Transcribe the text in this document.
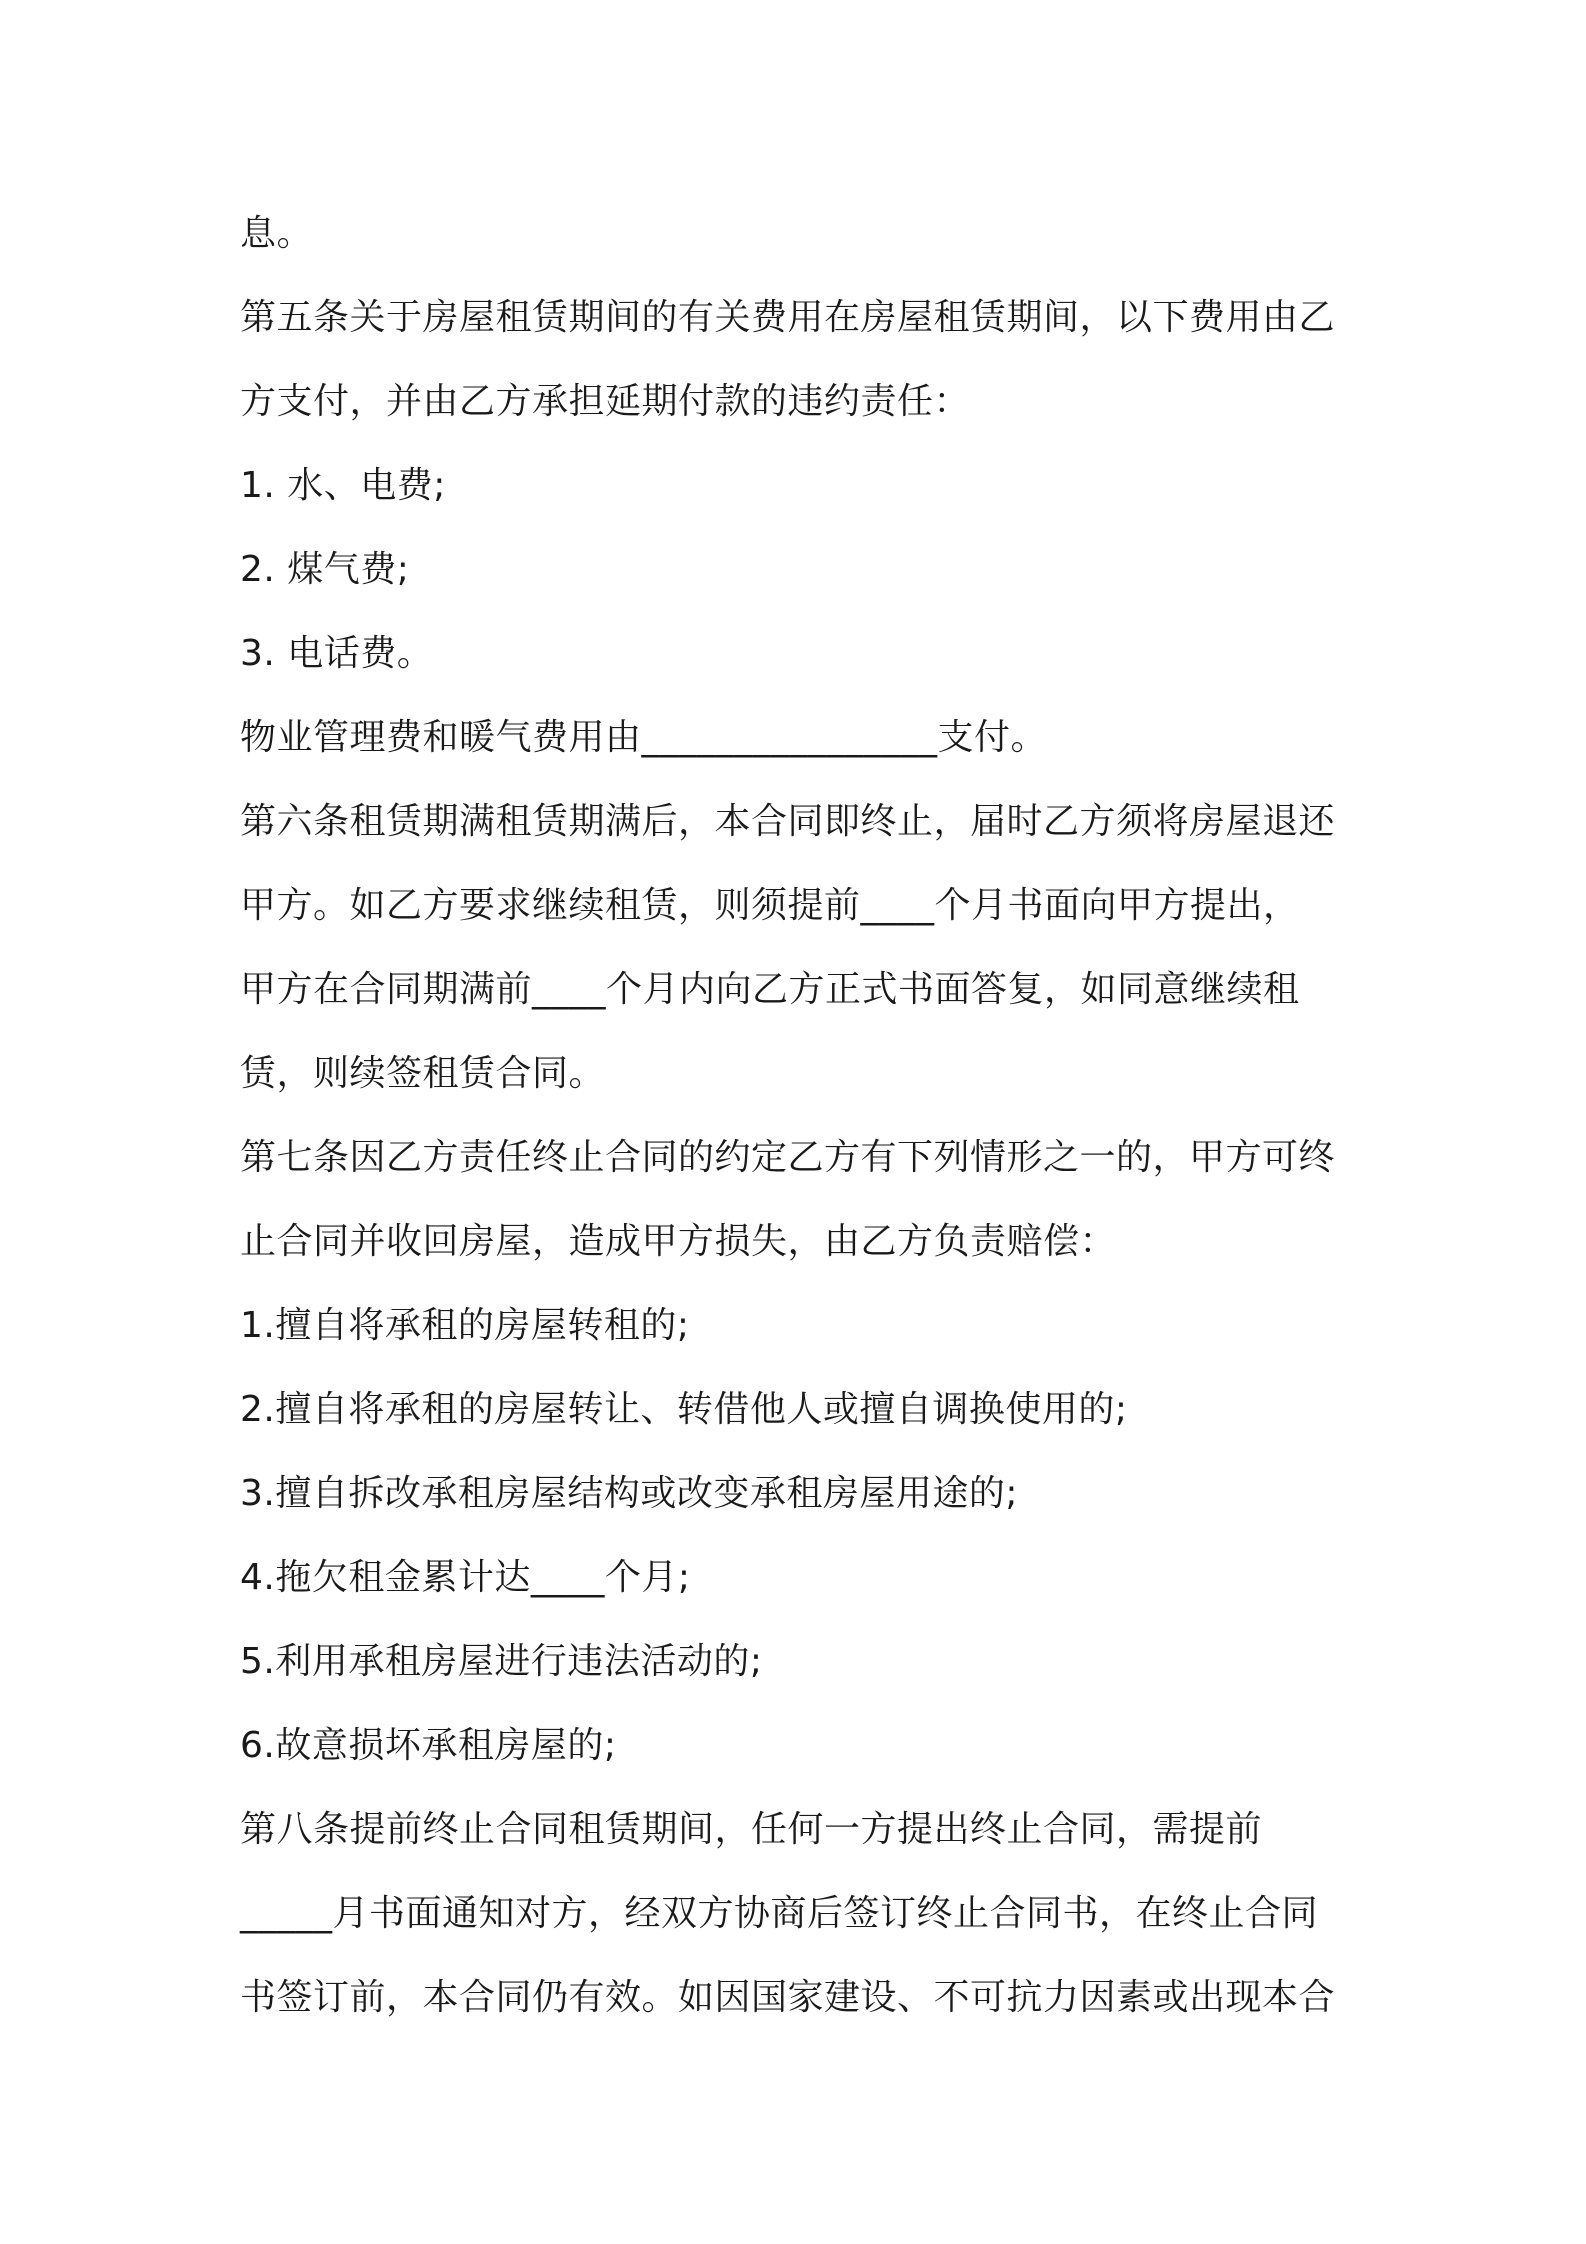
息。
第五条关于房屋租赁期间的有关费用在房屋租赁期间，以下费用由乙
方支付，并由乙方承担延期付款的违约责任：
1. 水、电费;
2. 煤气费;
3. 电话费。
物业管理费和暖气费用由________________支付。
第六条租赁期满租赁期满后，本合同即终止，届时乙方须将房屋退还
甲方。如乙方要求继续租赁，则须提前____个月书面向甲方提出，
甲方在合同期满前____个月内向乙方正式书面答复，如同意继续租
赁，则续签租赁合同。
第七条因乙方责任终止合同的约定乙方有下列情形之一的，甲方可终
止合同并收回房屋，造成甲方损失，由乙方负责赔偿：
1.擅自将承租的房屋转租的;
2.擅自将承租的房屋转让、转借他人或擅自调换使用的;
3.擅自拆改承租房屋结构或改变承租房屋用途的;
4.拖欠租金累计达____个月;
5.利用承租房屋进行违法活动的;
6.故意损坏承租房屋的;
第八条提前终止合同租赁期间，任何一方提出终止合同，需提前
_____月书面通知对方，经双方协商后签订终止合同书，在终止合同
书签订前，本合同仍有效。如因国家建设、不可抗力因素或出现本合
